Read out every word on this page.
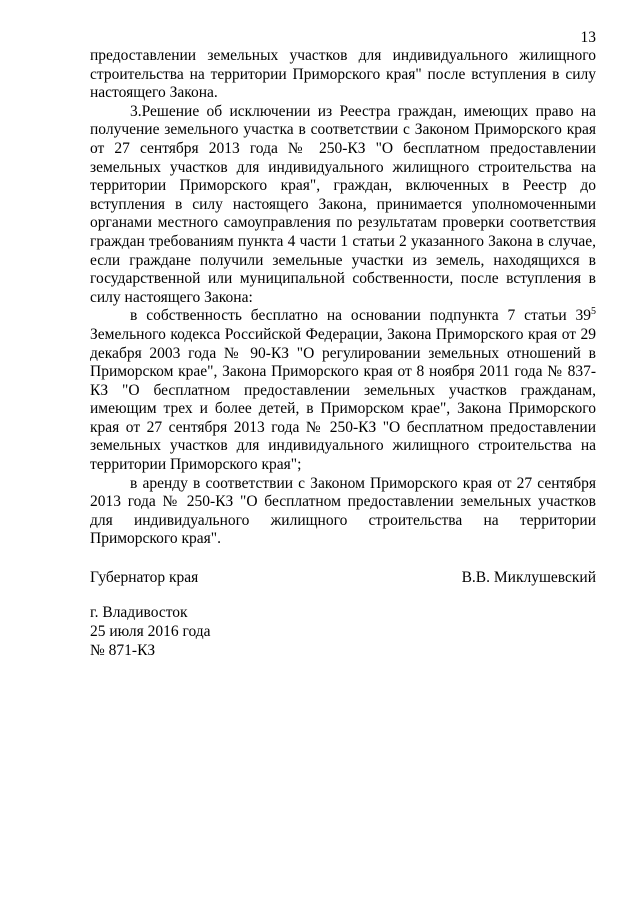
13

предоставлении земельных участков для индивидуального жилищного строительства на территории Приморского края" после вступления в силу настоящего Закона.

3.Решение об исключении из Реестра граждан, имеющих право на получение земельного участка в соответствии с Законом Приморского края от 27 сентября 2013 года № 250-КЗ "О бесплатном предоставлении земельных участков для индивидуального жилищного строительства на территории Приморского края", граждан, включенных в Реестр до вступления в силу настоящего Закона, принимается уполномоченными органами местного самоуправления по результатам проверки соответствия граждан требованиям пункта 4 части 1 статьи 2 указанного Закона в случае, если граждане получили земельные участки из земель, находящихся в государственной или муниципальной собственности, после вступления в силу настоящего Закона:

в собственность бесплатно на основании подпункта 7 статьи $39^5$ Земельного кодекса Российской Федерации, Закона Приморского края от 29 декабря 2003 года № 90-КЗ "О регулировании земельных отношений в Приморском крае", Закона Приморского края от 8 ноября 2011 года № 837-КЗ "О бесплатном предоставлении земельных участков гражданам, имеющим трех и более детей, в Приморском крае", Закона Приморского края от 27 сентября 2013 года № 250-КЗ "О бесплатном предоставлении земельных участков для индивидуального жилищного строительства на территории Приморского края";

в аренду в соответствии с Законом Приморского края от 27 сентября 2013 года № 250-КЗ "О бесплатном предоставлении земельных участков для индивидуального жилищного строительства на территории Приморского края".

Губернатор края	В.В. Миклушевский
г. Владивосток
25 июля 2016 года
№ 871-КЗ
